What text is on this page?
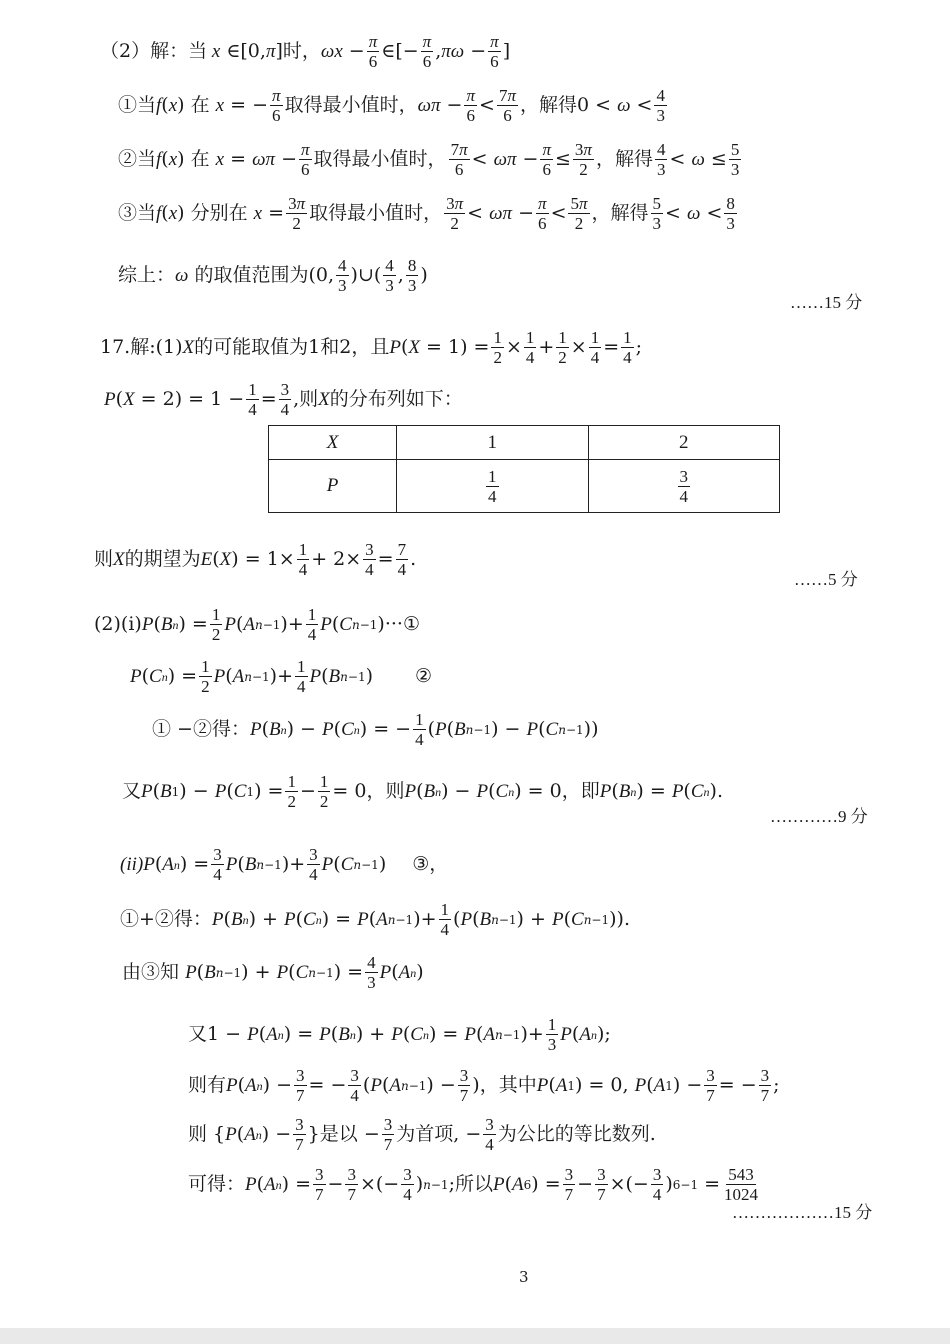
（2）解：当 x ∈ [0, π ] 时， $\omega x - \frac{\pi}{6}$ ∈[− $\frac{\pi}{6}$ , $\pi\omega - \frac{\pi}{6}$ ]
①当 f ( x ) 在
x = − $\frac{\pi}{6}$ 取得最小值时， $\omega\pi - \frac{\pi}{6} < \frac{7\pi}{6}$ ，解得 $0 < \omega < \frac{4}{3}$
②当 f ( x ) 在
$x = \omega\pi - \frac{\pi}{6}$ 取得最小值时， $\frac{7\pi}{6} < \omega\pi - \frac{\pi}{6} \le \frac{3\pi}{2}$ ，解得 $\frac{4}{3} < \omega \le \frac{5}{3}$
③当 f ( x ) 分别在
$x = \frac{3\pi}{2}$ 取得最小值时， $\frac{3\pi}{2} < \omega\pi - \frac{\pi}{6} < \frac{5\pi}{2}$ ，解得 $\frac{5}{3} < \omega < \frac{8}{3}$
综上： ω
的取值范围为 (0, $\frac{4}{3}$ )∪( $\frac{4}{3}$ , $\frac{8}{3}$ )
……15 分
17.解:(1) X 的可能取值为1和2，且 P ( $X = 1) = \frac{1}{2} \times \frac{1}{4} + \frac{1}{2} \times \frac{1}{4} = \frac{1}{4}$ ;
P ( $X = 2) = 1 - \frac{1}{4} = \frac{3}{4}$ ,则 X 的分布列如下：
X	1	2
P	$\frac{1}{4}$	$\frac{3}{4}$
则 X 的期望为 E ( X ) = $1\times \frac{1}{4} + 2\times \frac{3}{4} = \frac{7}{4}$ .
……5 分
(2)(i) P ( B n ) = $\frac{1}{2}$ P ( A n−1 )+ $\frac{1}{4}$ P ( C n−1 )··· ①
P ( C n ) = $\frac{1}{2}$ P ( A n−1 )+ $\frac{1}{4}$ P ( B n−1 ) ②
① −②得： P ( B n ) − P ( C n ) = − $\frac{1}{4}$ ( P ( B n−1 ) − P ( C n−1 ))
又 P ( B 1 ) − P ( C 1 ) = $\frac{1}{2} - \frac{1}{2} = 0$ ，则 P ( B n ) − P ( C n ) = 0 ，即 P ( B n ) = P ( C n ).
…………9 分
(ii) P ( A n ) = $\frac{3}{4}$ P ( B n−1 )+ $\frac{3}{4}$ P ( C n−1 ) ③，
①+②得： P ( B n ) + P ( C n ) = P ( A n−1 )+ $\frac{1}{4}$ ( P ( B n−1 ) + P ( C n−1 )).
由③知
P ( B n−1 ) + P ( C n−1 ) = $\frac{4}{3}$ P ( A n )
又 1 − P ( A n ) = P ( B n ) + P ( C n ) = P ( A n−1 )+ $\frac{1}{3}$ P ( A n );
则有 P ( A n ) − $\frac{3}{7}$ = − $\frac{3}{4}$ ( P ( A n−1 ) − $\frac{3}{7}$ ) ，其中 P ( A 1 ) = 0, P ( A 1 ) − $\frac{3}{7}$ = − $\frac{3}{7}$ ;
则 { P ( A n ) − $\frac{3}{7}$ } 是以 − $\frac{3}{7}$ 为首项, − $\frac{3}{4}$ 为公比的等比数列.
可得： P ( A n ) = $\frac{3}{7} - \frac{3}{7}$ ×(− $\frac{3}{4}$ ) n−1 ;所以 P ( A 6 ) = $\frac{3}{7} - \frac{3}{7}$ ×(− $\frac{3}{4}$ ) $6-1 = \frac{543}{1024}$
………………15 分
3
